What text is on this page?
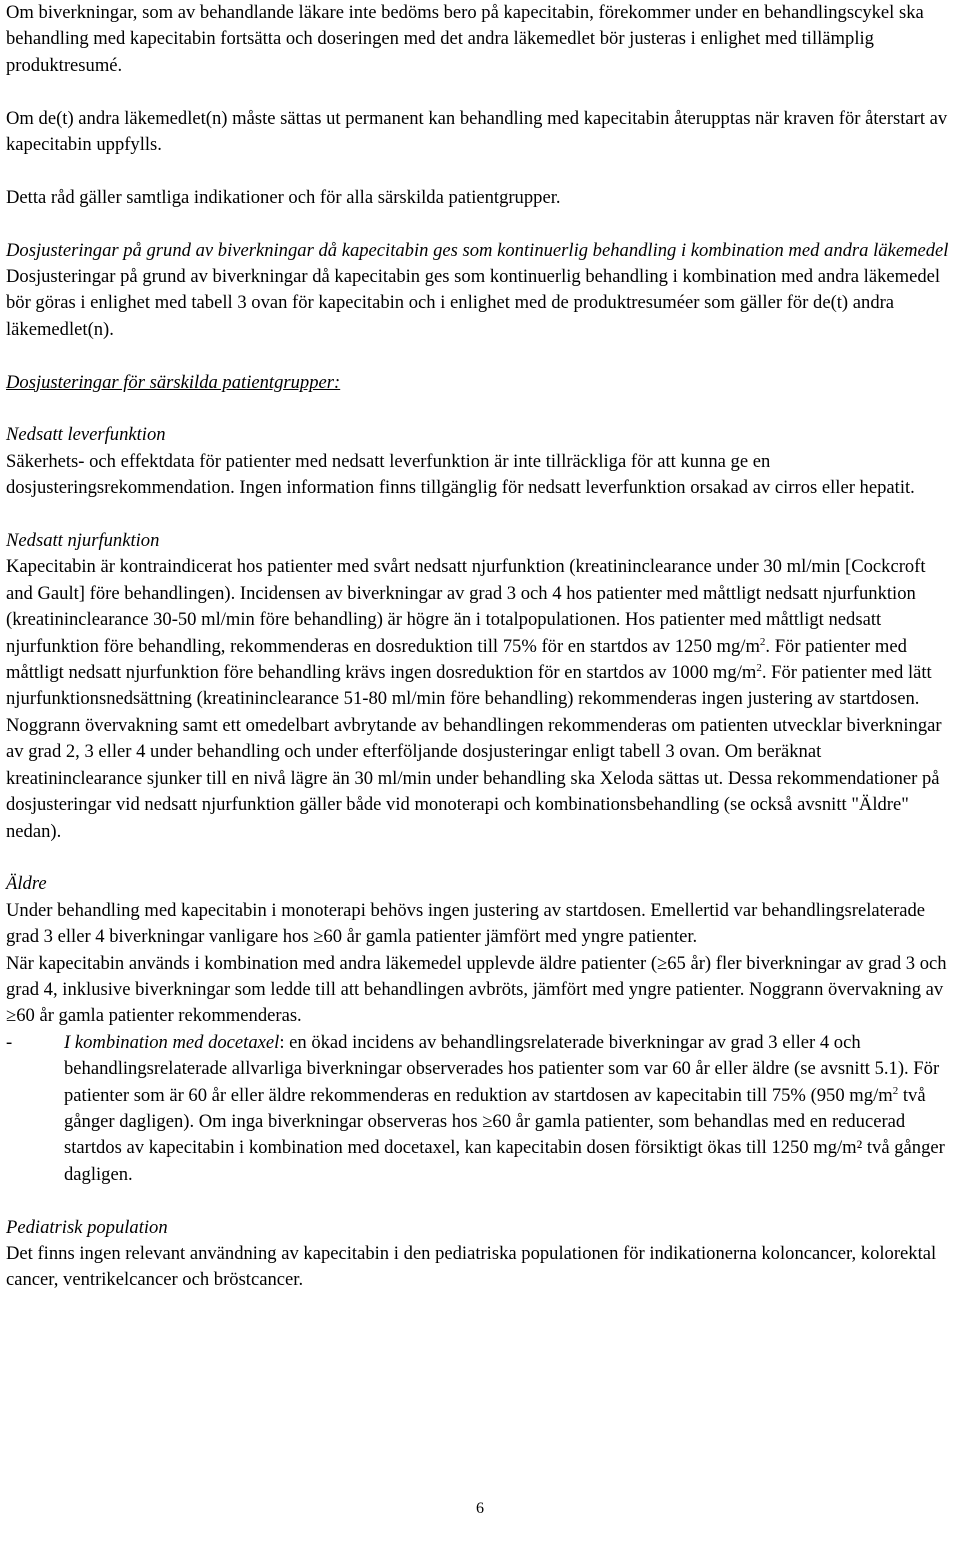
Om biverkningar, som av behandlande läkare inte bedöms bero på kapecitabin, förekommer under en behandlingscykel ska behandling med kapecitabin fortsätta och doseringen med det andra läkemedlet bör justeras i enlighet med tillämplig produktresumé.

Om de(t) andra läkemedlet(n) måste sättas ut permanent kan behandling med kapecitabin återupptas när kraven för återstart av kapecitabin uppfylls.

Detta råd gäller samtliga indikationer och för alla särskilda patientgrupper.

Dosjusteringar på grund av biverkningar då kapecitabin ges som kontinuerlig behandling i kombination med andra läkemedel

Dosjusteringar på grund av biverkningar då kapecitabin ges som kontinuerlig behandling i kombination med andra läkemedel bör göras i enlighet med tabell 3 ovan för kapecitabin och i enlighet med de produktresuméer som gäller för de(t) andra läkemedlet(n).

Dosjusteringar för särskilda patientgrupper:

Nedsatt leverfunktion

Säkerhets- och effektdata för patienter med nedsatt leverfunktion är inte tillräckliga för att kunna ge en dosjusteringsrekommendation. Ingen information finns tillgänglig för nedsatt leverfunktion orsakad av cirros eller hepatit.

Nedsatt njurfunktion

Kapecitabin är kontraindicerat hos patienter med svårt nedsatt njurfunktion (kreatininclearance under 30 ml/min [Cockcroft and Gault] före behandlingen). Incidensen av biverkningar av grad 3 och 4 hos patienter med måttligt nedsatt njurfunktion (kreatininclearance 30-50 ml/min före behandling) är högre än i totalpopulationen. Hos patienter med måttligt nedsatt njurfunktion före behandling, rekommenderas en dosreduktion till 75% för en startdos av 1250 $mg/m^2$. För patienter med måttligt nedsatt njurfunktion före behandling krävs ingen dosreduktion för en startdos av 1000 $mg/m^2$. För patienter med lätt njurfunktionsnedsättning (kreatininclearance 51-80 ml/min före behandling) rekommenderas ingen justering av startdosen. Noggrann övervakning samt ett omedelbart avbrytande av behandlingen rekommenderas om patienten utvecklar biverkningar av grad 2, 3 eller 4 under behandling och under efterföljande dosjusteringar enligt tabell 3 ovan. Om beräknat kreatininclearance sjunker till en nivå lägre än 30 ml/min under behandling ska Xeloda sättas ut. Dessa rekommendationer på dosjusteringar vid nedsatt njurfunktion gäller både vid monoterapi och kombinationsbehandling (se också avsnitt "Äldre" nedan).

Äldre

Under behandling med kapecitabin i monoterapi behövs ingen justering av startdosen. Emellertid var behandlingsrelaterade grad 3 eller 4 biverkningar vanligare hos ≥60 år gamla patienter jämfört med yngre patienter.

När kapecitabin används i kombination med andra läkemedel upplevde äldre patienter (≥65 år) fler biverkningar av grad 3 och grad 4, inklusive biverkningar som ledde till att behandlingen avbröts, jämfört med yngre patienter. Noggrann övervakning av ≥60 år gamla patienter rekommenderas.

-	I kombination med docetaxel: en ökad incidens av behandlingsrelaterade biverkningar av grad 3 eller 4 och behandlingsrelaterade allvarliga biverkningar observerades hos patienter som var 60 år eller äldre (se avsnitt 5.1). För patienter som är 60 år eller äldre rekommenderas en reduktion av startdosen av kapecitabin till 75% (950 $mg/m^2$ två gånger dagligen). Om inga biverkningar observeras hos ≥60 år gamla patienter, som behandlas med en reducerad startdos av kapecitabin i kombination med docetaxel, kan kapecitabin dosen försiktigt ökas till 1250 mg/m² två gånger dagligen.

Pediatrisk population

Det finns ingen relevant användning av kapecitabin i den pediatriska populationen för indikationerna koloncancer, kolorektal cancer, ventrikelcancer och bröstcancer.

6
